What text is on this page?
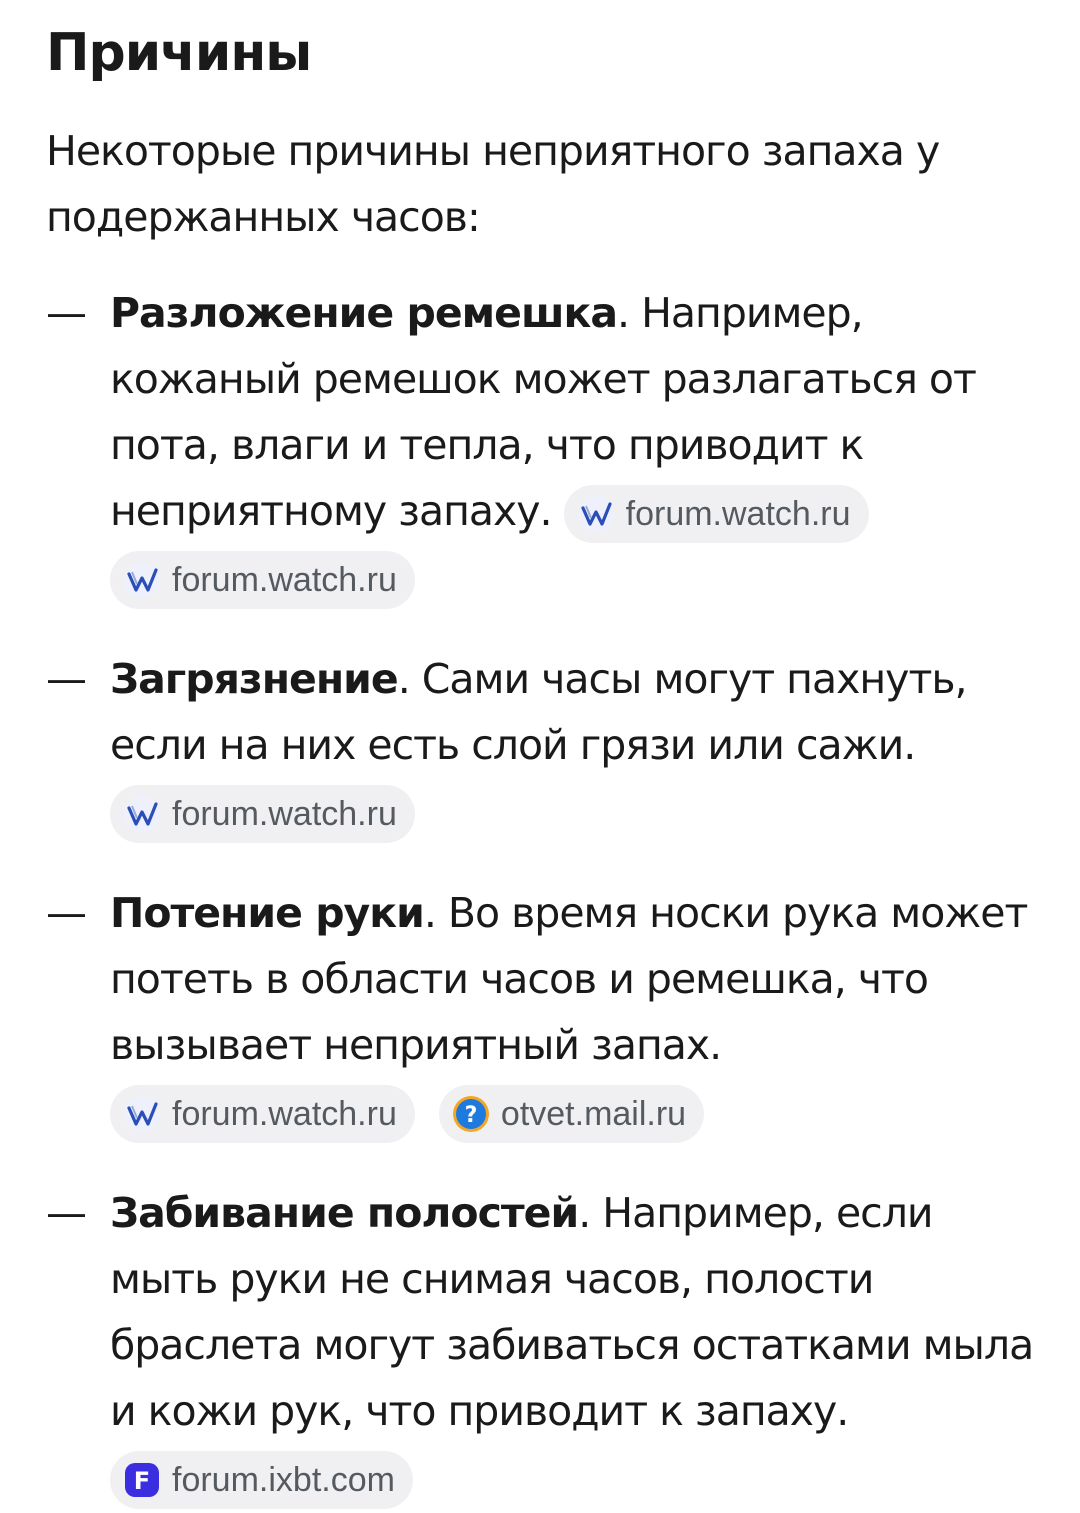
Причины

Некоторые причины неприятного запаха у подержанных часов:

— Разложение ремешка. Например, кожаный ремешок может разлагаться от пота, влаги и тепла, что приводит к неприятному запаху. forum.watch.ru

forum.watch.ru
— Загрязнение. Сами часы могут пахнуть, если на них есть слой грязи или сажи.
forum.watch.ru
— Потение руки. Во время носки рука может потеть в области часов и ремешка, что вызывает неприятный запах.
forum.watch.ru
	? otvet.mail.ru
— Забивание полостей. Например, если мыть руки не снимая часов, полости браслета могут забиваться остатками мыла и кожи рук, что приводит к запаху.
F forum.ixbt.com
